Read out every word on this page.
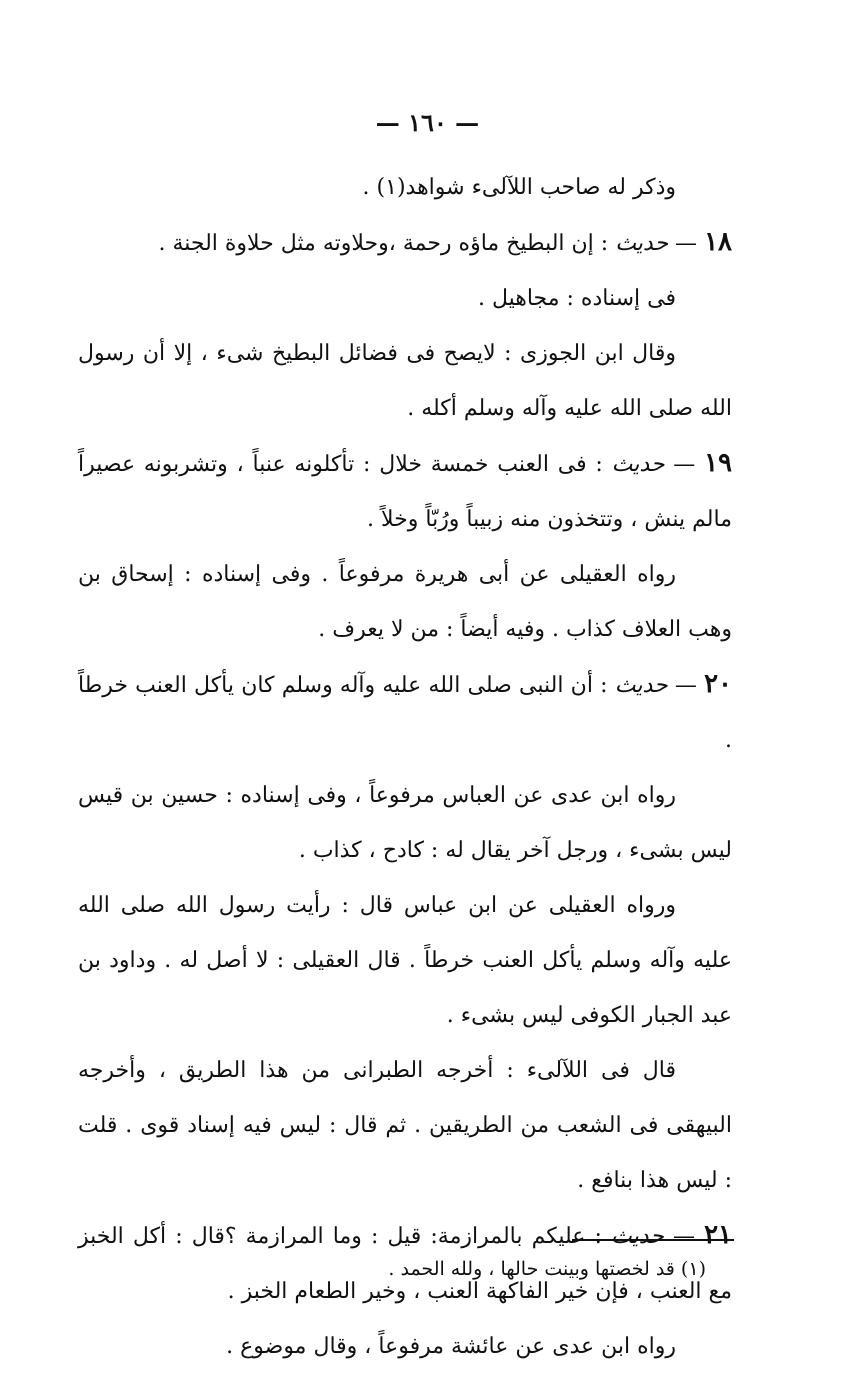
— ١٦٠ —

وذكر له صاحب اللآلىء شواهد(١) .

١٨ — حديث : إن البطيخ ماؤه رحمة ،وحلاوته مثل حلاوة الجنة .

فى إسناده : مجاهيل .

وقال ابن الجوزى : لايصح فى فضائل البطيخ شىء ، إلا أن رسول الله صلى الله عليه وآله وسلم أكله .

١٩ — حديث : فى العنب خمسة خلال : تأكلونه عنباً ، وتشربونه عصيراً مالم ينش ، وتتخذون منه زبيباً ورُبّاً وخلاً .

رواه العقيلى عن أبى هريرة مرفوعاً . وفى إسناده : إسحاق بن وهب العلاف كذاب . وفيه أيضاً : من لا يعرف .

٢٠ — حديث : أن النبى صلى الله عليه وآله وسلم كان يأكل العنب خرطاً .

رواه ابن عدى عن العباس مرفوعاً ، وفى إسناده : حسين بن قيس ليس بشىء ، ورجل آخر يقال له : كادح ، كذاب .

ورواه العقيلى عن ابن عباس قال : رأيت رسول الله صلى الله عليه وآله وسلم يأكل العنب خرطاً . قال العقيلى : لا أصل له . وداود بن عبد الجبار الكوفى ليس بشىء .

قال فى اللآلىء : أخرجه الطبرانى من هذا الطريق ، وأخرجه البيهقى فى الشعب من الطريقين . ثم قال : ليس فيه إسناد قوى . قلت : ليس هذا بنافع .

٢١ — حديث : عليكم بالمرازمة: قيل : وما المرازمة ؟قال : أكل الخبز مع العنب ، فإن خير الفاكهة العنب ، وخير الطعام الخبز .

رواه ابن عدى عن عائشة مرفوعاً ، وقال موضوع .

(١) قد لخصتها وبينت حالها ، ولله الحمد .
